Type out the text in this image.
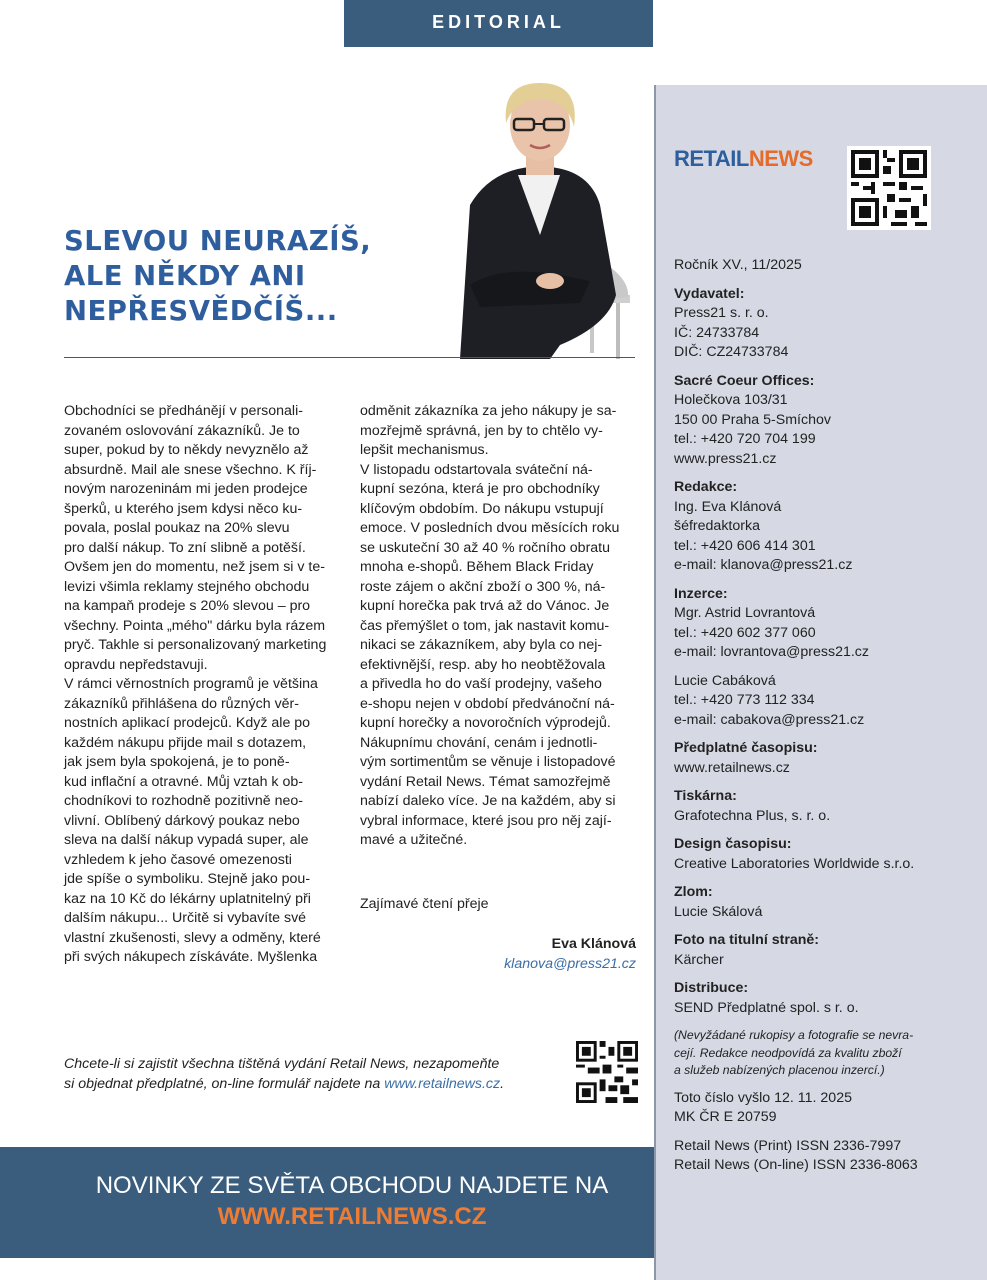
EDITORIAL
RETAILNEWS
Ročník XV., 11/2025
Vydavatel:
Press21 s. r. o.
IČ: 24733784
DIČ: CZ24733784
Sacré Coeur Offices:
Holečkova 103/31
150 00 Praha 5-Smíchov
tel.: +420 720 704 199
www.press21.cz
Redakce:
Ing. Eva Klánová
šéfredaktorka
tel.: +420 606 414 301
e-mail: klanova@press21.cz
Inzerce:
Mgr. Astrid Lovrantová
tel.: +420 602 377 060
e-mail: lovrantova@press21.cz
Lucie Cabáková
tel.: +420 773 112 334
e-mail: cabakova@press21.cz
Předplatné časopisu:
www.retailnews.cz
Tiskárna:
Grafotechna Plus, s. r. o.
Design časopisu:
Creative Laboratories Worldwide s.r.o.
Zlom:
Lucie Skálová
Foto na titulní straně:
Kärcher
Distribuce:
SEND Předplatné spol. s r. o.
(Nevyžádané rukopisy a fotografie se nevra-
cejí. Redakce neodpovídá za kvalitu zboží
a služeb nabízených placenou inzercí.)
Toto číslo vyšlo 12. 11. 2025
MK ČR E 20759
Retail News (Print) ISSN 2336-7997
Retail News (On-line) ISSN 2336-8063
SLEVOU NEURAZÍŠ,
ALE NĚKDY ANI
NEPŘESVĚDČÍŠ...

Obchodníci se předhánějí v personali-

zovaném oslovování zákazníků. Je to

super, pokud by to někdy nevyznělo až

absurdně. Mail ale snese všechno. K říj-

novým narozeninám mi jeden prodejce

šperků, u kterého jsem kdysi něco ku-

povala, poslal poukaz na 20% slevu

pro další nákup. To zní slibně a potěší.

Ovšem jen do momentu, než jsem si v te-

levizi všimla reklamy stejného obchodu

na kampaň prodeje s 20% slevou – pro

všechny. Pointa „mého" dárku byla rázem

pryč. Takhle si personalizovaný marketing

opravdu nepředstavuji.

V rámci věrnostních programů je většina

zákazníků přihlášena do různých věr-

nostních aplikací prodejců. Když ale po

každém nákupu přijde mail s dotazem,

jak jsem byla spokojená, je to poně-

kud inflační a otravné. Můj vztah k ob-

chodníkovi to rozhodně pozitivně neo-

vlivní. Oblíbený dárkový poukaz nebo

sleva na další nákup vypadá super, ale

vzhledem k jeho časové omezenosti

jde spíše o symboliku. Stejně jako pou-

kaz na 10 Kč do lékárny uplatnitelný při

dalším nákupu... Určitě si vybavíte své

vlastní zkušenosti, slevy a odměny, které

při svých nákupech získáváte. Myšlenka

odměnit zákazníka za jeho nákupy je sa-

mozřejmě správná, jen by to chtělo vy-

lepšit mechanismus.

V listopadu odstartovala sváteční ná-

kupní sezóna, která je pro obchodníky

klíčovým obdobím. Do nákupu vstupují

emoce. V posledních dvou měsících roku

se uskuteční 30 až 40 % ročního obratu

mnoha e-shopů. Během Black Friday

roste zájem o akční zboží o 300 %, ná-

kupní horečka pak trvá až do Vánoc. Je

čas přemýšlet o tom, jak nastavit komu-

nikaci se zákazníkem, aby byla co nej-

efektivnější, resp. aby ho neobtěžovala

a přivedla ho do vaší prodejny, vašeho

e-shopu nejen v období předvánoční ná-

kupní horečky a novoročních výprodejů.

Nákupnímu chování, cenám i jednotli-

vým sortimentům se věnuje i listopadové

vydání Retail News. Témat samozřejmě

nabízí daleko více. Je na každém, aby si

vybral informace, které jsou pro něj zají-

mavé a užitečné.

Zajímavé čtení přeje
Eva Klánová
klanova@press21.cz
Chcete-li si zajistit všechna tištěná vydání Retail News, nezapomeňte
si objednat předplatné, on-line formulář najdete na www.retailnews.cz.
NOVINKY ZE SVĚTA OBCHODU NAJDETE NA
WWW.RETAILNEWS.CZ
